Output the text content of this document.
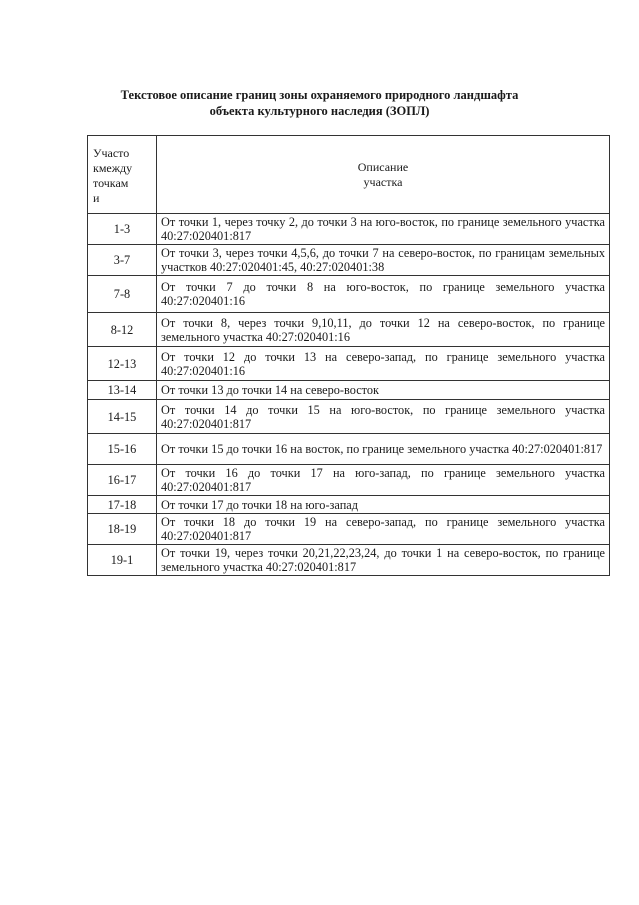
Текстовое описание границ зоны охраняемого природного ландшафта
объекта культурного наследия (ЗОПЛ)
Участо
кмежду
точкам
и	Описание
участка

1-3	От точки 1, через точку 2, до точки 3 на юго-восток, по границе земельного участка 40:27:020401:817
3-7	От точки 3, через точки 4,5,6, до точки 7 на северо-восток, по границам земельных участков 40:27:020401:45, 40:27:020401:38
7-8	От точки 7 до точки 8 на юго-восток, по границе земельного участка 40:27:020401:16
8-12	От точки 8, через точки 9,10,11, до точки 12 на северо-восток, по границе земельного участка 40:27:020401:16
12-13	От точки 12 до точки 13 на северо-запад, по границе земельного участка 40:27:020401:16
13-14	От точки 13 до точки 14 на северо-восток
14-15	От точки 14 до точки 15 на юго-восток, по границе земельного участка 40:27:020401:817
15-16	От точки 15 до точки 16 на восток, по границе земельного участка 40:27:020401:817
16-17	От точки 16 до точки 17 на юго-запад, по границе земельного участка 40:27:020401:817
17-18	От точки 17 до точки 18 на юго-запад
18-19	От точки 18 до точки 19 на северо-запад, по границе земельного участка 40:27:020401:817
19-1	От точки 19, через точки 20,21,22,23,24, до точки 1 на северо-восток, по границе земельного участка 40:27:020401:817
